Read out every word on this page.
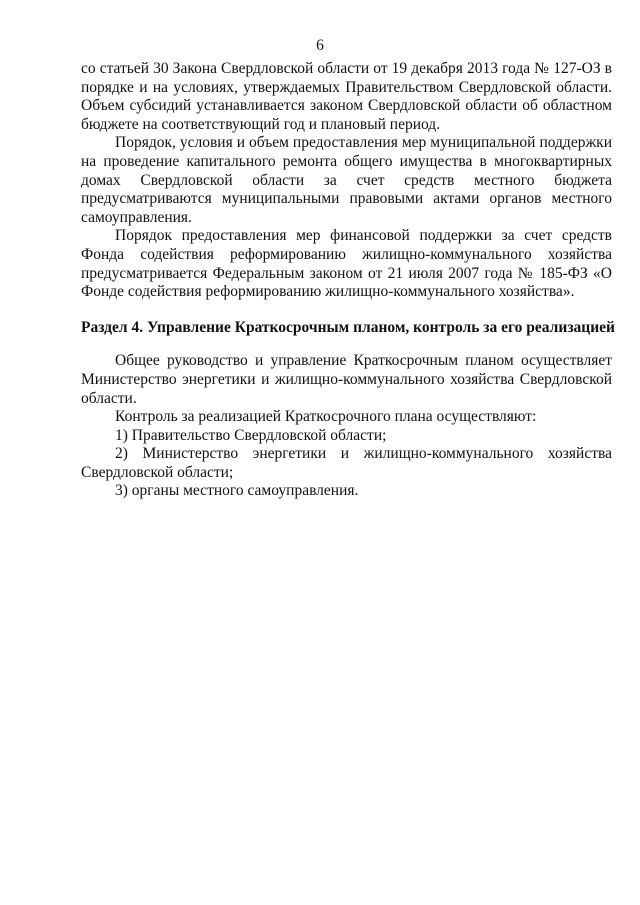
6

со статьей 30 Закона Свердловской области от 19 декабря 2013 года № 127-ОЗ в порядке и на условиях, утверждаемых Правительством Свердловской области. Объем субсидий устанавливается законом Свердловской области об областном бюджете на соответствующий год и плановый период.

Порядок, условия и объем предоставления мер муниципальной поддержки на проведение капитального ремонта общего имущества в многоквартирных домах Свердловской области за счет средств местного бюджета предусматриваются муниципальными правовыми актами органов местного самоуправления.

Порядок предоставления мер финансовой поддержки за счет средств Фонда содействия реформированию жилищно-коммунального хозяйства предусматривается Федеральным законом от 21 июля 2007 года № 185-ФЗ «О Фонде содействия реформированию жилищно-коммунального хозяйства».

Раздел 4. Управление Краткосрочным планом, контроль за его реализацией

Общее руководство и управление Краткосрочным планом осуществляет Министерство энергетики и жилищно-коммунального хозяйства Свердловской области.

Контроль за реализацией Краткосрочного плана осуществляют:

1) Правительство Свердловской области;

2) Министерство энергетики и жилищно-коммунального хозяйства Свердловской области;

3) органы местного самоуправления.
